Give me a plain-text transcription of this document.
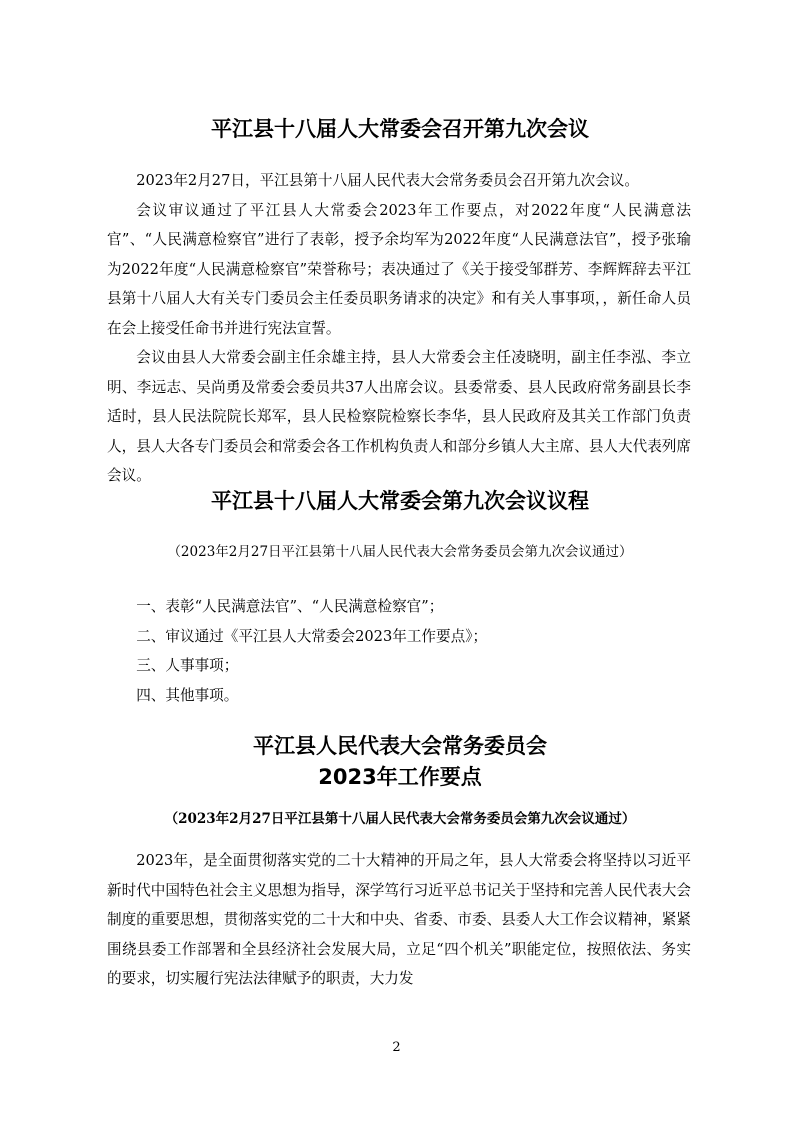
平江县十八届人大常委会召开第九次会议

2023年2月27日，平江县第十八届人民代表大会常务委员会召开第九次会议。

会议审议通过了平江县人大常委会2023年工作要点，对2022年度“人民满意法官”、“人民满意检察官”进行了表彰，授予余均军为2022年度“人民满意法官”，授予张瑜为2022年度“人民满意检察官”荣誉称号；表决通过了《关于接受邹群芳、李辉辉辞去平江县第十八届人大有关专门委员会主任委员职务请求的决定》和有关人事事项，，新任命人员在会上接受任命书并进行宪法宣誓。

会议由县人大常委会副主任余雄主持，县人大常委会主任凌晓明，副主任李泓、李立明、李远志、吴尚勇及常委会委员共37人出席会议。县委常委、县人民政府常务副县长李适时，县人民法院院长郑军，县人民检察院检察长李华，县人民政府及其关工作部门负责人，县人大各专门委员会和常委会各工作机构负责人和部分乡镇人大主席、县人大代表列席会议。

平江县十八届人大常委会第九次会议议程
（2023年2月27日平江县第十八届人民代表大会常务委员会第九次会议通过）
一、表彰“人民满意法官”、“人民满意检察官”；
二、审议通过《平江县人大常委会2023年工作要点》；
三、人事事项；
四、其他事项。
平江县人民代表大会常务委员会
2023年工作要点
（2023年2月27日平江县第十八届人民代表大会常务委员会第九次会议通过）

2023年，是全面贯彻落实党的二十大精神的开局之年，县人大常委会将坚持以习近平新时代中国特色社会主义思想为指导，深学笃行习近平总书记关于坚持和完善人民代表大会制度的重要思想，贯彻落实党的二十大和中央、省委、市委、县委人大工作会议精神，紧紧围绕县委工作部署和全县经济社会发展大局，立足“四个机关”职能定位，按照依法、务实的要求，切实履行宪法法律赋予的职责，大力发

2
